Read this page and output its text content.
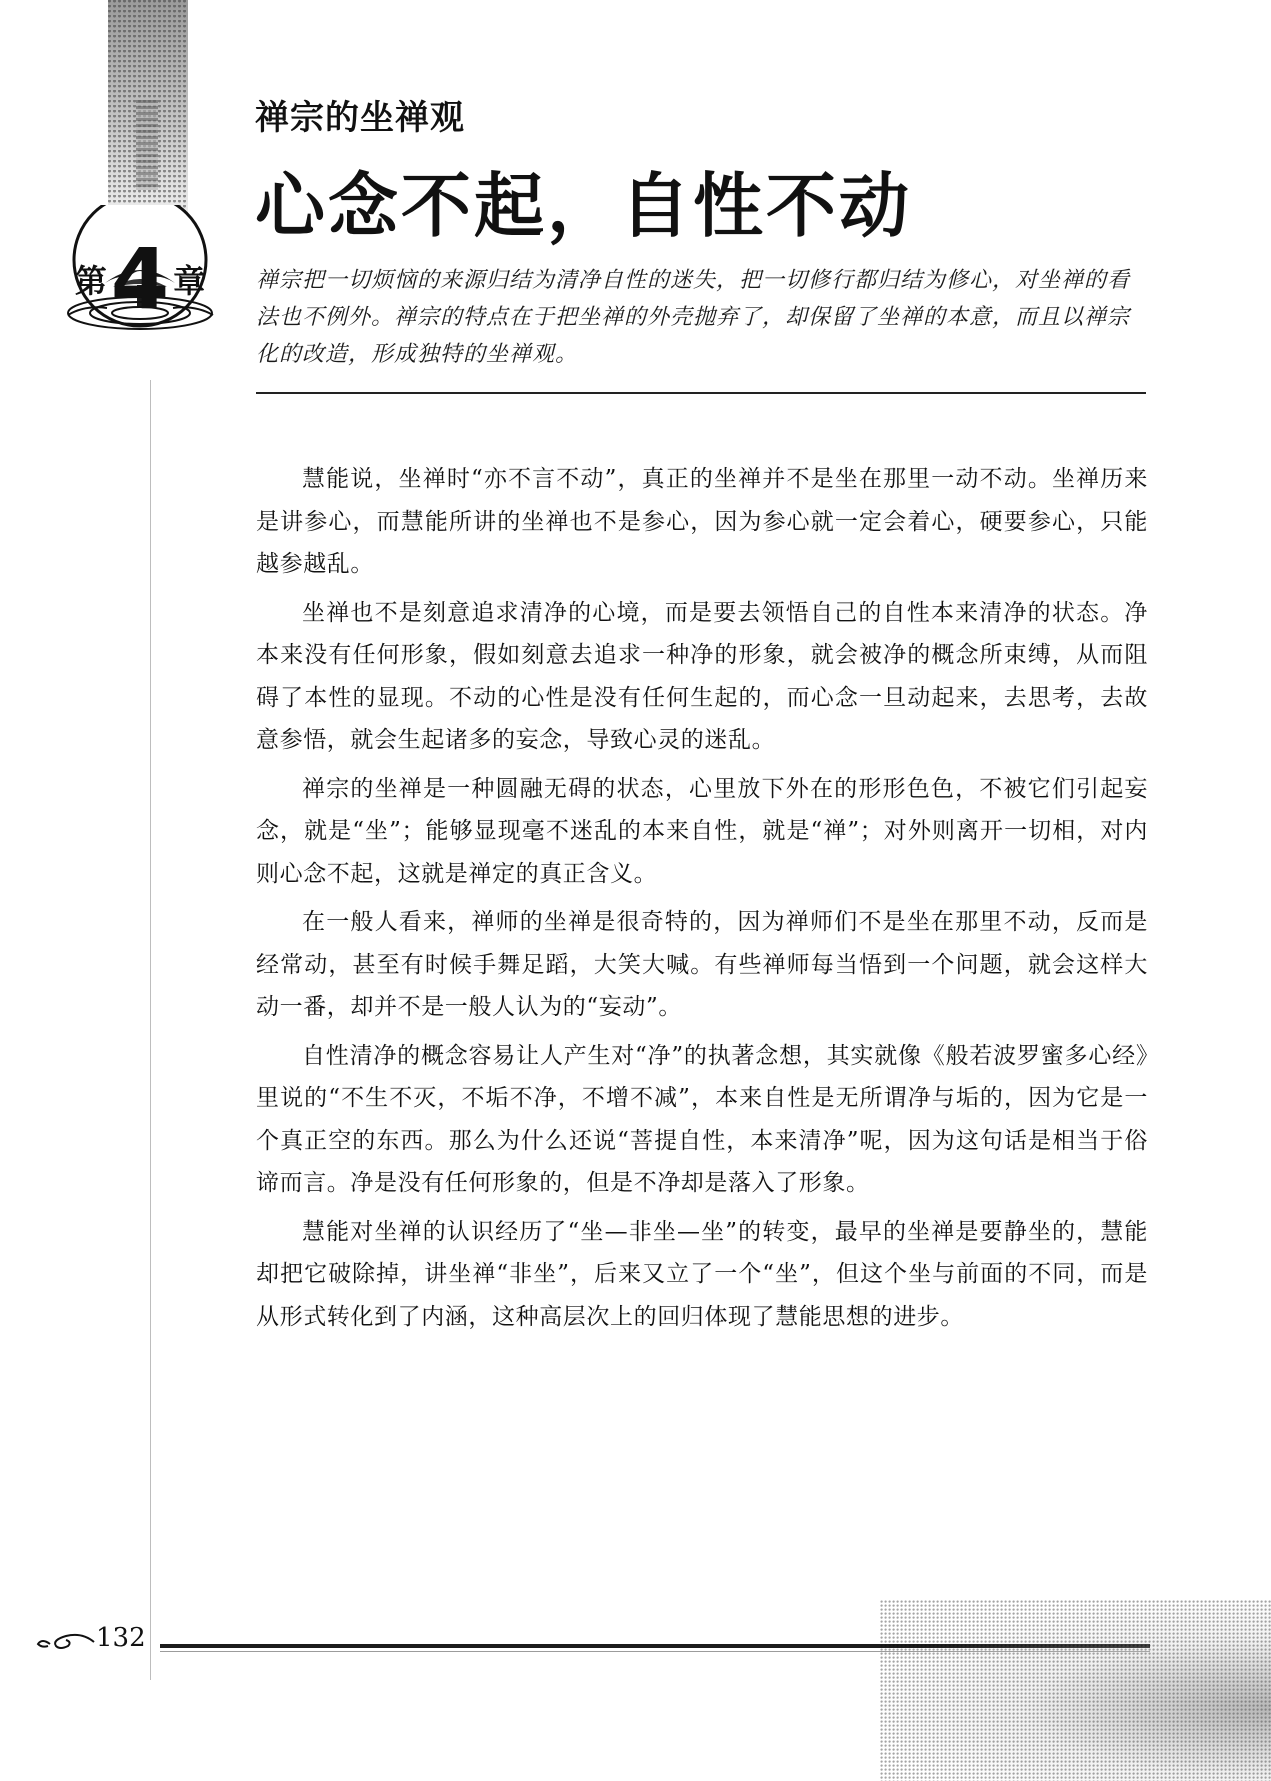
第 4 章
禅宗的坐禅观
心念不起，自性不动
禅宗把一切烦恼的来源归结为清净自性的迷失，把一切修行都归结为修心，对坐禅的看法也不例外。禅宗的特点在于把坐禅的外壳抛弃了，却保留了坐禅的本意，而且以禅宗化的改造，形成独特的坐禅观。

慧能说，坐禅时“亦不言不动”，真正的坐禅并不是坐在那里一动不动。坐禅历来是讲参心，而慧能所讲的坐禅也不是参心，因为参心就一定会着心，硬要参心，只能越参越乱。

坐禅也不是刻意追求清净的心境，而是要去领悟自己的自性本来清净的状态。净本来没有任何形象，假如刻意去追求一种净的形象，就会被净的概念所束缚，从而阻碍了本性的显现。不动的心性是没有任何生起的，而心念一旦动起来，去思考，去故意参悟，就会生起诸多的妄念，导致心灵的迷乱。

禅宗的坐禅是一种圆融无碍的状态，心里放下外在的形形色色，不被它们引起妄念，就是“坐”；能够显现毫不迷乱的本来自性，就是“禅”；对外则离开一切相，对内则心念不起，这就是禅定的真正含义。

在一般人看来，禅师的坐禅是很奇特的，因为禅师们不是坐在那里不动，反而是经常动，甚至有时候手舞足蹈，大笑大喊。有些禅师每当悟到一个问题，就会这样大动一番，却并不是一般人认为的“妄动”。

自性清净的概念容易让人产生对“净”的执著念想，其实就像《般若波罗蜜多心经》里说的“不生不灭，不垢不净，不增不减”，本来自性是无所谓净与垢的，因为它是一个真正空的东西。那么为什么还说“菩提自性，本来清净”呢，因为这句话是相当于俗谛而言。净是没有任何形象的，但是不净却是落入了形象。

慧能对坐禅的认识经历了“坐—非坐—坐”的转变，最早的坐禅是要静坐的，慧能却把它破除掉，讲坐禅“非坐”，后来又立了一个“坐”，但这个坐与前面的不同，而是从形式转化到了内涵，这种高层次上的回归体现了慧能思想的进步。

132
